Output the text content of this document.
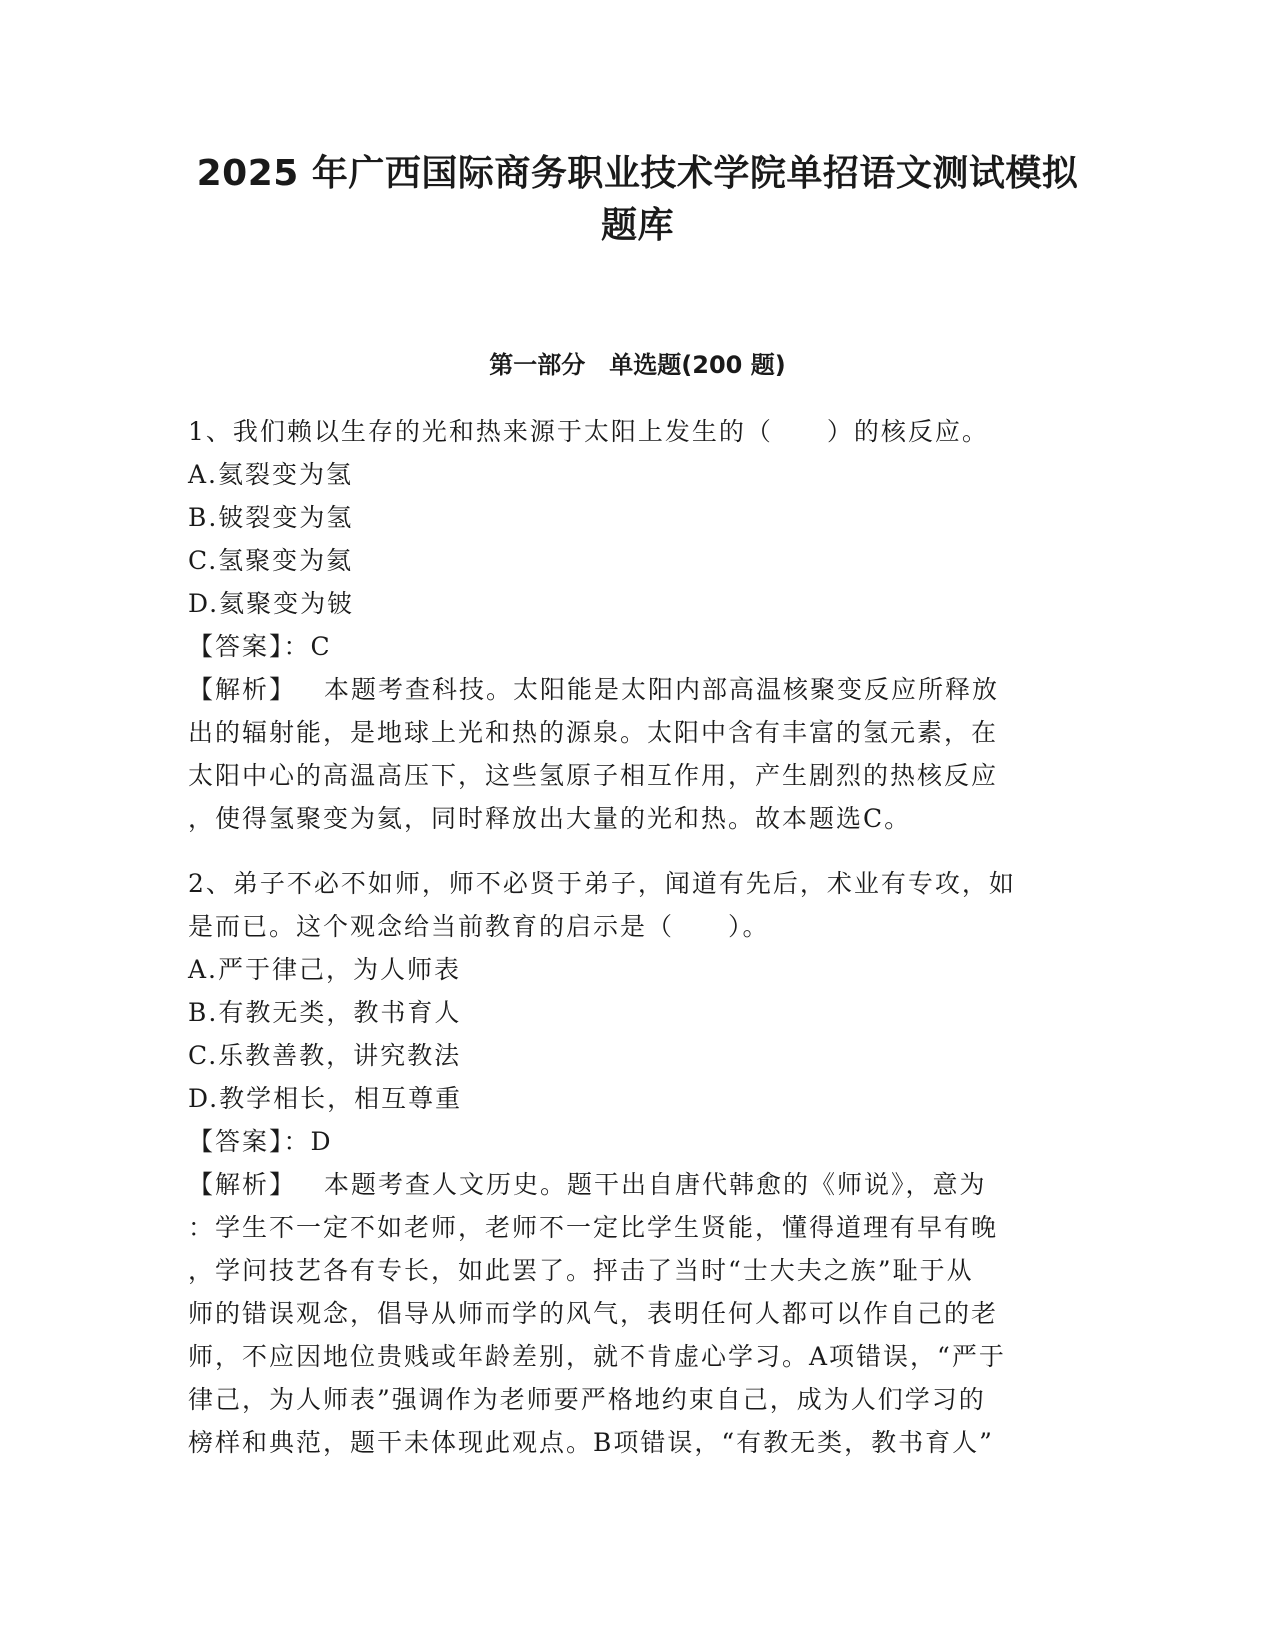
2025 年广西国际商务职业技术学院单招语文测试模拟
题库
第一部分　单选题(200 题)
1、我们赖以生存的光和热来源于太阳上发生的（　　）的核反应。
A.氦裂变为氢
B.铍裂变为氢
C.氢聚变为氦
D.氦聚变为铍
【答案】：C
【解析】 本题考查科技。太阳能是太阳内部高温核聚变反应所释放
出的辐射能，是地球上光和热的源泉。太阳中含有丰富的氢元素，在
太阳中心的高温高压下，这些氢原子相互作用，产生剧烈的热核反应
，使得氢聚变为氦，同时释放出大量的光和热。故本题选C。
2、弟子不必不如师，师不必贤于弟子，闻道有先后，术业有专攻，如
是而已。这个观念给当前教育的启示是（　　）。
A.严于律己，为人师表
B.有教无类，教书育人
C.乐教善教，讲究教法
D.教学相长，相互尊重
【答案】：D
【解析】 本题考查人文历史。题干出自唐代韩愈的《师说》，意为
：学生不一定不如老师，老师不一定比学生贤能，懂得道理有早有晚
，学问技艺各有专长，如此罢了。抨击了当时“士大夫之族”耻于从
师的错误观念，倡导从师而学的风气，表明任何人都可以作自己的老
师，不应因地位贵贱或年龄差别，就不肯虚心学习。A项错误，“严于
律己，为人师表”强调作为老师要严格地约束自己，成为人们学习的
榜样和典范，题干未体现此观点。B项错误，“有教无类，教书育人”
